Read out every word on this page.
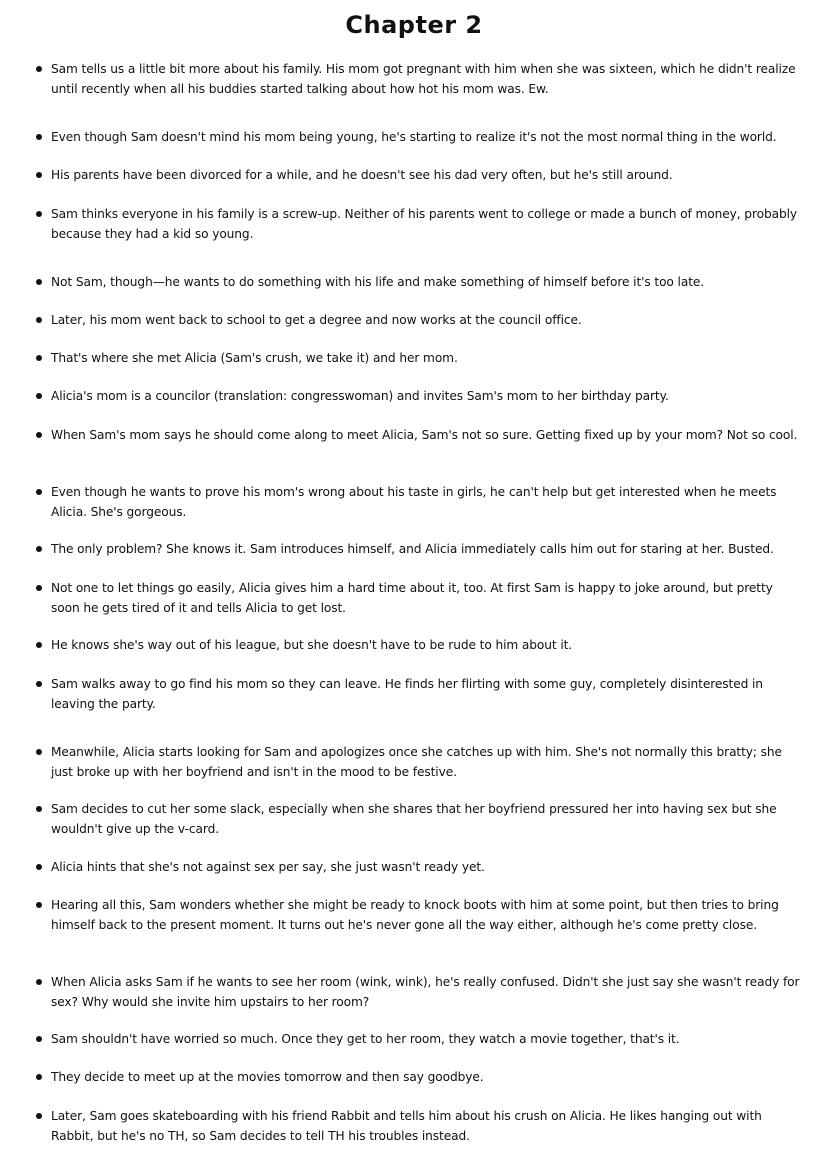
Chapter 2
Sam tells us a little bit more about his family. His mom got pregnant with him when she was sixteen, which he didn't realize until recently when all his buddies started talking about how hot his mom was. Ew.
Even though Sam doesn't mind his mom being young, he's starting to realize it's not the most normal thing in the world.
His parents have been divorced for a while, and he doesn't see his dad very often, but he's still around.
Sam thinks everyone in his family is a screw-up. Neither of his parents went to college or made a bunch of money, probably because they had a kid so young.
Not Sam, though—he wants to do something with his life and make something of himself before it's too late.
Later, his mom went back to school to get a degree and now works at the council office.
That's where she met Alicia (Sam's crush, we take it) and her mom.
Alicia's mom is a councilor (translation: congresswoman) and invites Sam's mom to her birthday party.
When Sam's mom says he should come along to meet Alicia, Sam's not so sure. Getting fixed up by your mom? Not so cool.
Even though he wants to prove his mom's wrong about his taste in girls, he can't help but get interested when he meets Alicia. She's gorgeous.
The only problem? She knows it. Sam introduces himself, and Alicia immediately calls him out for staring at her. Busted.
Not one to let things go easily, Alicia gives him a hard time about it, too. At first Sam is happy to joke around, but pretty soon he gets tired of it and tells Alicia to get lost.
He knows she's way out of his league, but she doesn't have to be rude to him about it.
Sam walks away to go find his mom so they can leave. He finds her flirting with some guy, completely disinterested in leaving the party.
Meanwhile, Alicia starts looking for Sam and apologizes once she catches up with him. She's not normally this bratty; she just broke up with her boyfriend and isn't in the mood to be festive.
Sam decides to cut her some slack, especially when she shares that her boyfriend pressured her into having sex but she wouldn't give up the v-card.
Alicia hints that she's not against sex per say, she just wasn't ready yet.
Hearing all this, Sam wonders whether she might be ready to knock boots with him at some point, but then tries to bring himself back to the present moment. It turns out he's never gone all the way either, although he's come pretty close.
When Alicia asks Sam if he wants to see her room (wink, wink), he's really confused. Didn't she just say she wasn't ready for sex? Why would she invite him upstairs to her room?
Sam shouldn't have worried so much. Once they get to her room, they watch a movie together, that's it.
They decide to meet up at the movies tomorrow and then say goodbye.
Later, Sam goes skateboarding with his friend Rabbit and tells him about his crush on Alicia. He likes hanging out with Rabbit, but he's no TH, so Sam decides to tell TH his troubles instead.
